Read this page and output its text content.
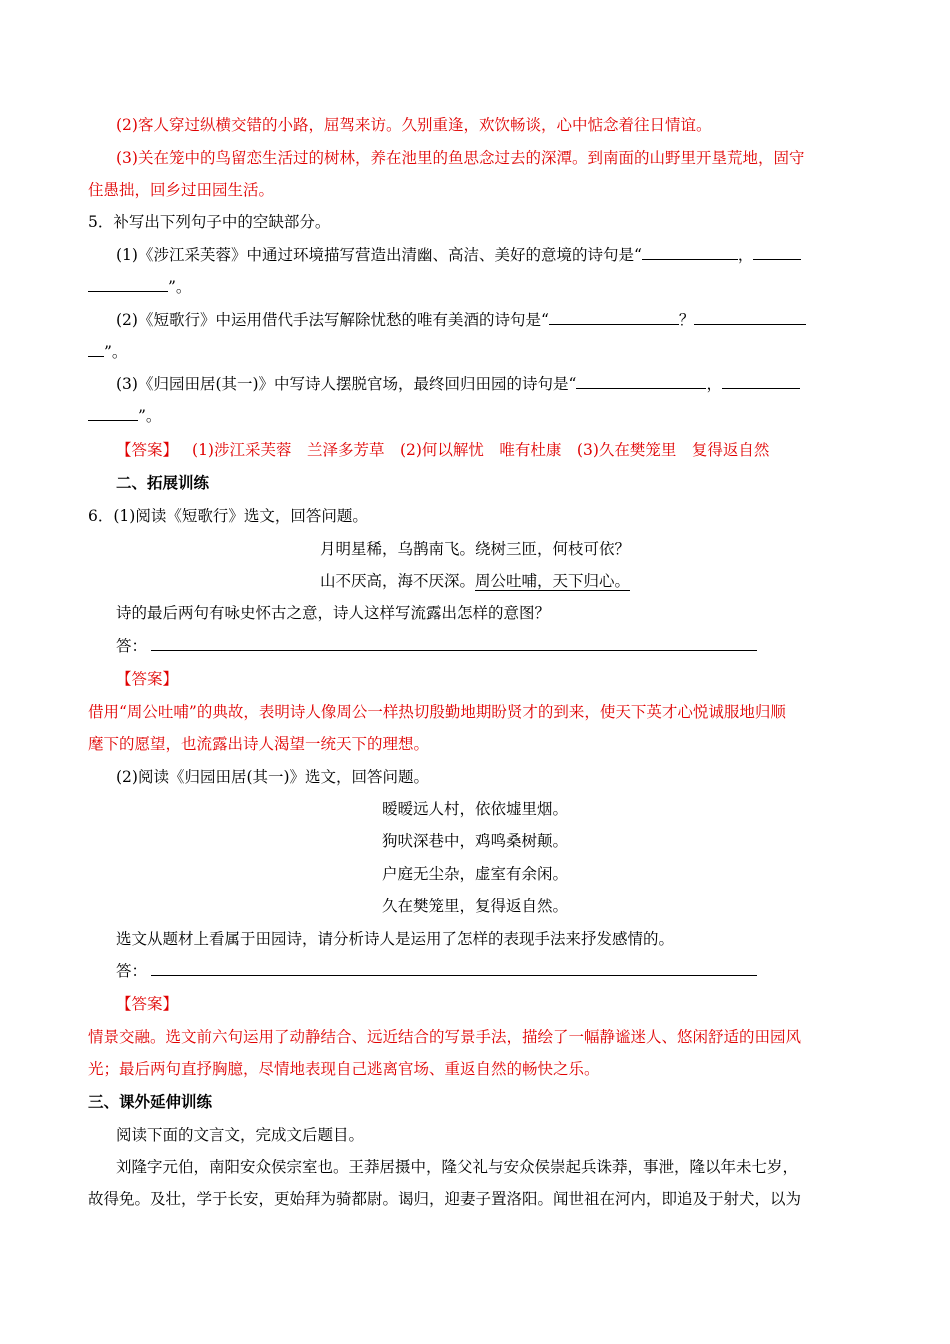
(2)客人穿过纵横交错的小路，屈驾来访。久别重逢，欢饮畅谈，心中惦念着往日情谊。
(3)关在笼中的鸟留恋生活过的树林，养在池里的鱼思念过去的深潭。到南面的山野里开垦荒地，固守
住愚拙，回乡过田园生活。
5．补写出下列句子中的空缺部分。
(1)《涉江采芙蓉》中通过环境描写营造出清幽、高洁、美好的意境的诗句是“	，
”。
(2)《短歌行》中运用借代手法写解除忧愁的唯有美酒的诗句是“	？
”。
(3)《归园田居(其一)》中写诗人摆脱官场，最终回归田园的诗句是“	，
”。
【答案】 (1)涉江采芙蓉　兰泽多芳草　(2)何以解忧　唯有杜康　(3)久在樊笼里　复得返自然
二、拓展训练
6．(1)阅读《短歌行》选文，回答问题。
月明星稀，乌鹊南飞。绕树三匝，何枝可依？
山不厌高，海不厌深。周公吐哺，天下归心。
诗的最后两句有咏史怀古之意，诗人这样写流露出怎样的意图？
答：
【答案】
借用“周公吐哺”的典故，表明诗人像周公一样热切殷勤地期盼贤才的到来，使天下英才心悦诚服地归顺
麾下的愿望，也流露出诗人渴望一统天下的理想。
(2)阅读《归园田居(其一)》选文，回答问题。
暧暧远人村，依依墟里烟。
狗吠深巷中，鸡鸣桑树颠。
户庭无尘杂，虚室有余闲。
久在樊笼里，复得返自然。
选文从题材上看属于田园诗，请分析诗人是运用了怎样的表现手法来抒发感情的。
答：
【答案】
情景交融。选文前六句运用了动静结合、远近结合的写景手法，描绘了一幅静谧迷人、悠闲舒适的田园风
光；最后两句直抒胸臆，尽情地表现自己逃离官场、重返自然的畅快之乐。
三、课外延伸训练
阅读下面的文言文，完成文后题目。
刘隆字元伯，南阳安众侯宗室也。王莽居摄中，隆父礼与安众侯崇起兵诛莽，事泄，隆以年未七岁，
故得免。及壮，学于长安，更始拜为骑都尉。谒归，迎妻子置洛阳。闻世祖在河内，即追及于射犬，以为
